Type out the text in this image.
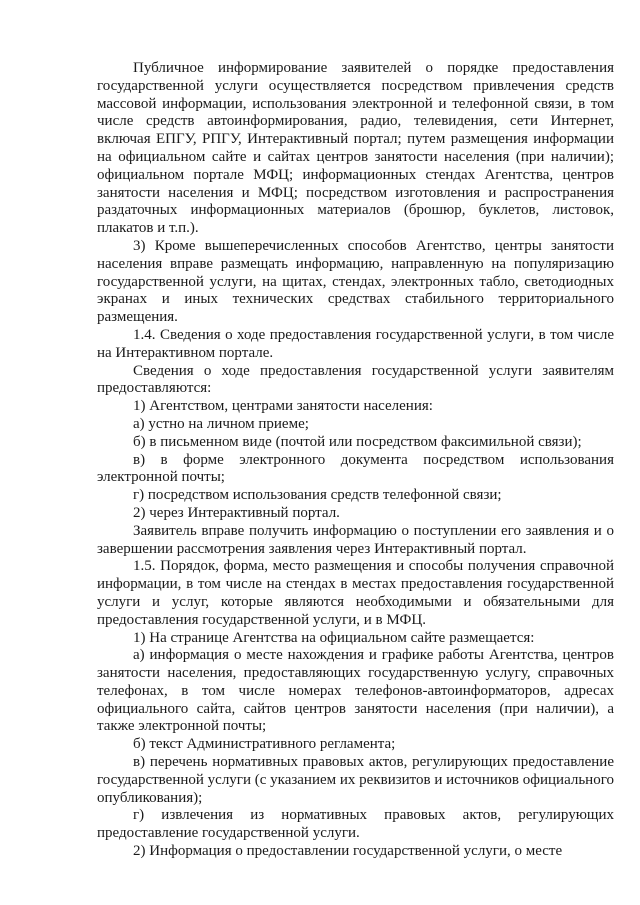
Публичное информирование заявителей о порядке предоставления государственной услуги осуществляется посредством привлечения средств массовой информации, использования электронной и телефонной связи, в том числе средств автоинформирования, радио, телевидения, сети Интернет, включая ЕПГУ, РПГУ, Интерактивный портал; путем размещения информации на официальном сайте и сайтах центров занятости населения (при наличии); официальном портале МФЦ; информационных стендах Агентства, центров занятости населения и МФЦ; посредством изготовления и распространения раздаточных информационных материалов (брошюр, буклетов, листовок, плакатов и т.п.).

3) Кроме вышеперечисленных способов Агентство, центры занятости населения вправе размещать информацию, направленную на популяризацию государственной услуги, на щитах, стендах, электронных табло, светодиодных экранах и иных технических средствах стабильного территориального размещения.

1.4. Сведения о ходе предоставления государственной услуги, в том числе на Интерактивном портале.

Сведения о ходе предоставления государственной услуги заявителям предоставляются:

1) Агентством, центрами занятости населения:

а) устно на личном приеме;

б) в письменном виде (почтой или посредством факсимильной связи);

в) в форме электронного документа посредством использования электронной почты;

г) посредством использования средств телефонной связи;

2) через Интерактивный портал.

Заявитель вправе получить информацию о поступлении его заявления и о завершении рассмотрения заявления через Интерактивный портал.

1.5. Порядок, форма, место размещения и способы получения справочной информации, в том числе на стендах в местах предоставления государственной услуги и услуг, которые являются необходимыми и обязательными для предоставления государственной услуги, и в МФЦ.

1) На странице Агентства на официальном сайте размещается:

а) информация о месте нахождения и графике работы Агентства, центров занятости населения, предоставляющих государственную услугу, справочных телефонах, в том числе номерах телефонов-автоинформаторов, адресах официального сайта, сайтов центров занятости населения (при наличии), а также электронной почты;

б) текст Административного регламента;

в) перечень нормативных правовых актов, регулирующих предоставление государственной услуги (с указанием их реквизитов и источников официального опубликования);

г) извлечения из нормативных правовых актов, регулирующих предоставление государственной услуги.

2) Информация о предоставлении государственной услуги, о месте
